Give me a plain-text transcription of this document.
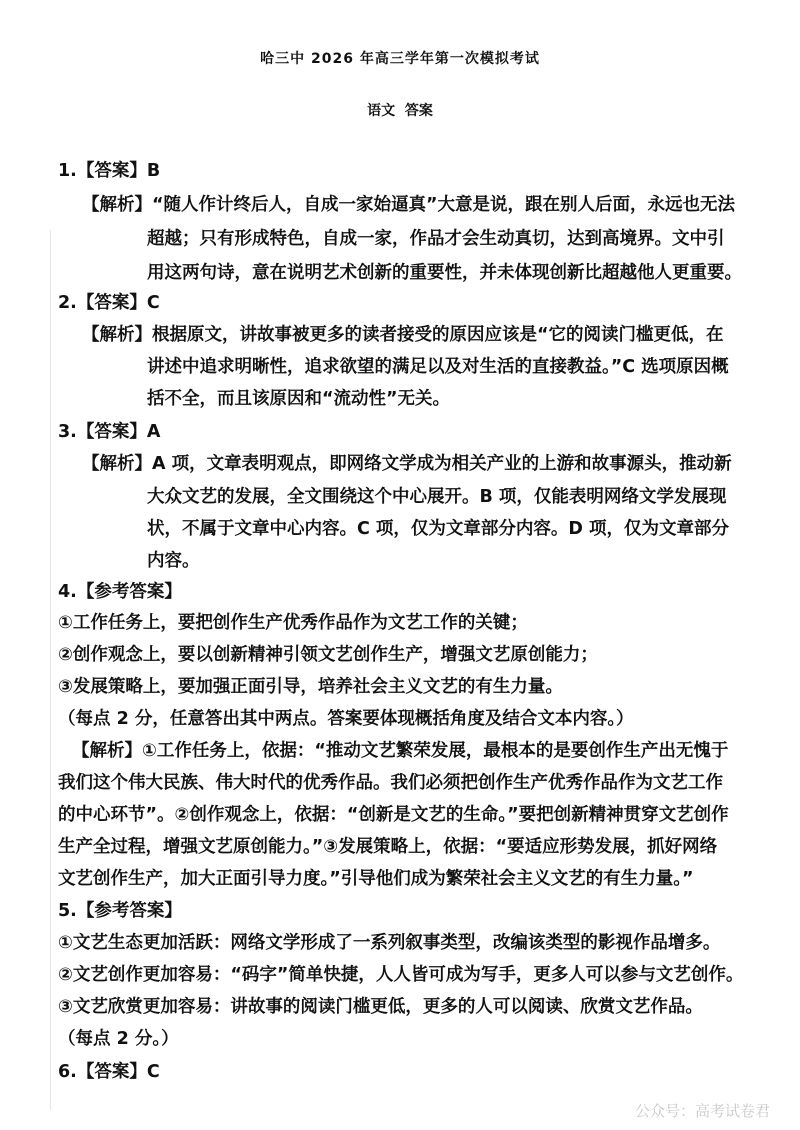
哈三中 2026 年高三学年第一次模拟考试
语文  答案
1.【答案】B
【解析】“随人作计终后人，自成一家始逼真”大意是说，跟在别人后面，永远也无法
超越；只有形成特色，自成一家，作品才会生动真切，达到高境界。文中引
用这两句诗，意在说明艺术创新的重要性，并未体现创新比超越他人更重要。
2.【答案】C
【解析】根据原文，讲故事被更多的读者接受的原因应该是“它的阅读门槛更低，在
讲述中追求明晰性，追求欲望的满足以及对生活的直接教益。”C 选项原因概
括不全，而且该原因和“流动性”无关。
3.【答案】A
【解析】A 项，文章表明观点，即网络文学成为相关产业的上游和故事源头，推动新
大众文艺的发展，全文围绕这个中心展开。B 项，仅能表明网络文学发展现
状，不属于文章中心内容。C 项，仅为文章部分内容。D 项，仅为文章部分
内容。
4.【参考答案】
①工作任务上，要把创作生产优秀作品作为文艺工作的关键；
②创作观念上，要以创新精神引领文艺创作生产，增强文艺原创能力；
③发展策略上，要加强正面引导，培养社会主义文艺的有生力量。
（每点 2 分，任意答出其中两点。答案要体现概括角度及结合文本内容。）
【解析】①工作任务上，依据：“推动文艺繁荣发展，最根本的是要创作生产出无愧于
我们这个伟大民族、伟大时代的优秀作品。我们必须把创作生产优秀作品作为文艺工作
的中心环节”。②创作观念上，依据：“创新是文艺的生命。”要把创新精神贯穿文艺创作
生产全过程，增强文艺原创能力。”③发展策略上，依据：“要适应形势发展，抓好网络
文艺创作生产，加大正面引导力度。”引导他们成为繁荣社会主义文艺的有生力量。”
5.【参考答案】
①文艺生态更加活跃：网络文学形成了一系列叙事类型，改编该类型的影视作品增多。
②文艺创作更加容易：“码字”简单快捷，人人皆可成为写手，更多人可以参与文艺创作。
③文艺欣赏更加容易：讲故事的阅读门槛更低，更多的人可以阅读、欣赏文艺作品。
（每点 2 分。）
6.【答案】C
公众号：高考试卷君
